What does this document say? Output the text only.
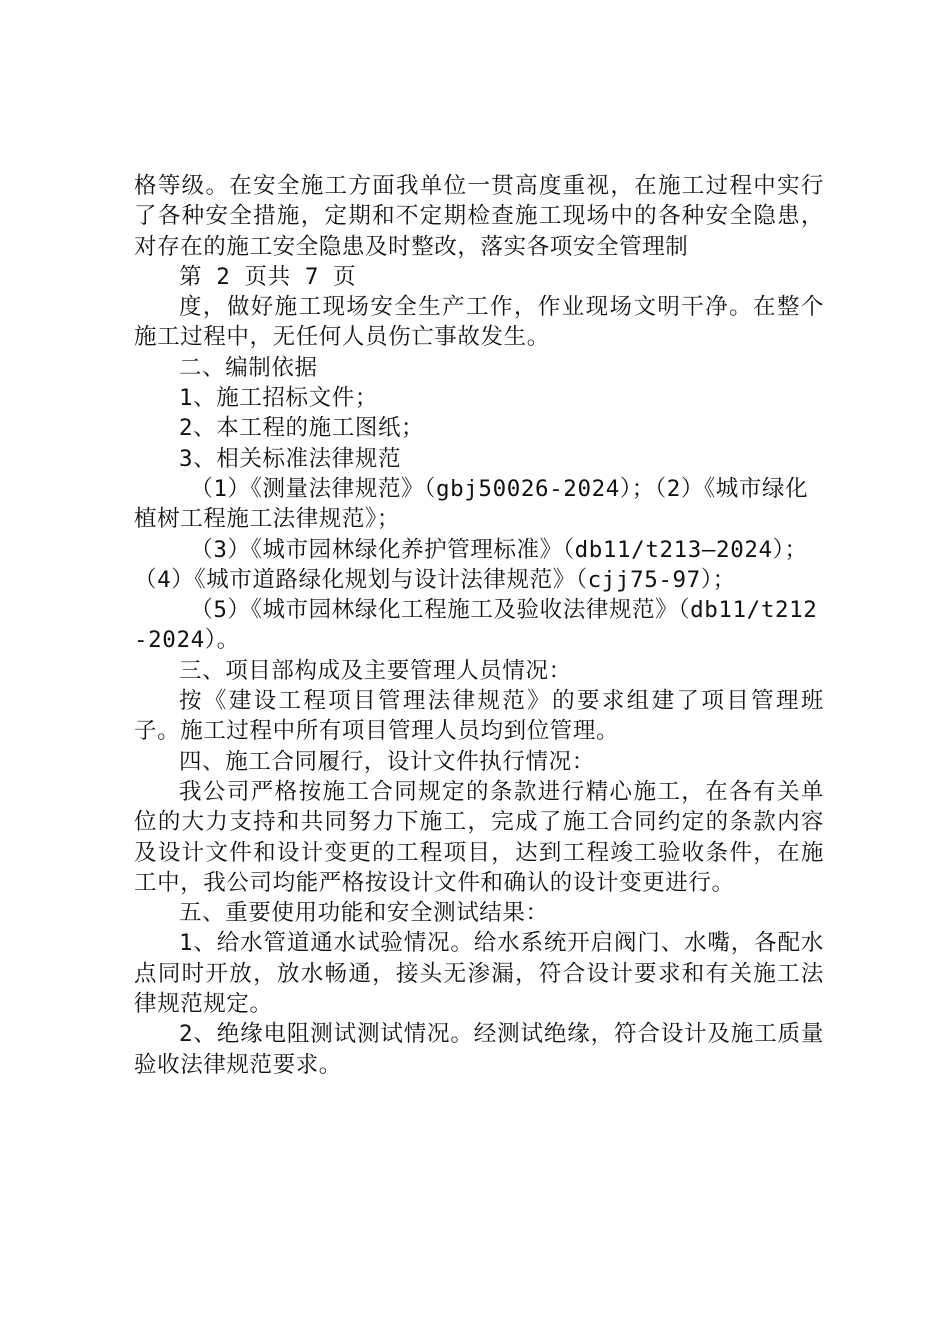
格等级。在安全施工方面我单位一贯高度重视，在施工过程中实行了各种安全措施，定期和不定期检查施工现场中的各种安全隐患，对存在的施工安全隐患及时整改，落实各项安全管理制

第 2 页共 7 页

度，做好施工现场安全生产工作，作业现场文明干净。在整个施工过程中，无任何人员伤亡事故发生。

二、编制依据

1、施工招标文件；

2、本工程的施工图纸；

3、相关标准法律规范

（1）《测量法律规范》（gbj50026-2024）；（2）《城市绿化植树工程施工法律规范》；

（3）《城市园林绿化养护管理标准》（db11/t213—2024）；（4）《城市道路绿化规划与设计法律规范》（cjj75-97）；

（5）《城市园林绿化工程施工及验收法律规范》（db11/t212-2024）。

三、项目部构成及主要管理人员情况：

按《建设工程项目管理法律规范》的要求组建了项目管理班子。施工过程中所有项目管理人员均到位管理。

四、施工合同履行，设计文件执行情况：

我公司严格按施工合同规定的条款进行精心施工，在各有关单位的大力支持和共同努力下施工，完成了施工合同约定的条款内容及设计文件和设计变更的工程项目，达到工程竣工验收条件，在施工中，我公司均能严格按设计文件和确认的设计变更进行。

五、重要使用功能和安全测试结果：

1、给水管道通水试验情况。给水系统开启阀门、水嘴，各配水点同时开放，放水畅通，接头无渗漏，符合设计要求和有关施工法律规范规定。

2、绝缘电阻测试测试情况。经测试绝缘，符合设计及施工质量验收法律规范要求。
